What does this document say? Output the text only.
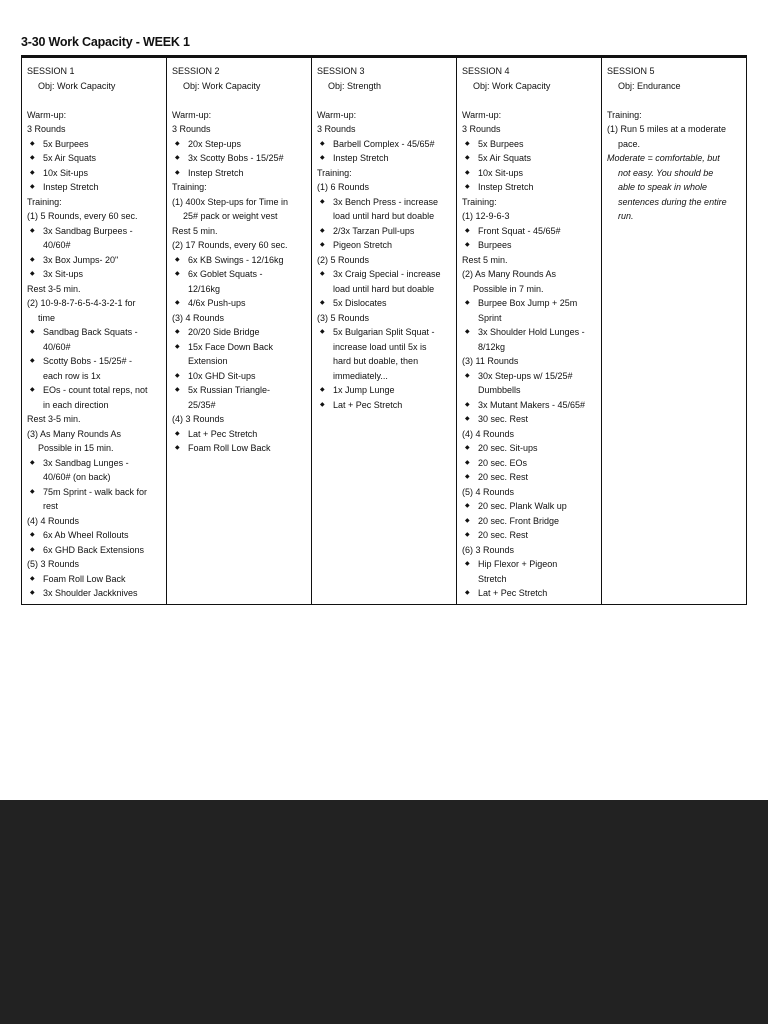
3-30 Work Capacity - WEEK 1
SESSION 1
Obj: Work Capacity
Warm-up:
3 Rounds
◆ 5x Burpees
◆ 5x Air Squats
◆ 10x Sit-ups
◆ Instep Stretch
Training:
(1) 5 Rounds, every 60 sec.
◆ 3x Sandbag Burpees -
40/60#
◆ 3x Box Jumps- 20"
◆ 3x Sit-ups
Rest 3-5 min.
(2) 10-9-8-7-6-5-4-3-2-1 for
time
◆ Sandbag Back Squats -
40/60#
◆ Scotty Bobs - 15/25# -
each row is 1x
◆ EOs - count total reps, not
in each direction
Rest 3-5 min.
(3) As Many Rounds As
Possible in 15 min.
◆ 3x Sandbag Lunges -
40/60# (on back)
◆ 75m Sprint - walk back for
rest
(4) 4 Rounds
◆ 6x Ab Wheel Rollouts
◆ 6x GHD Back Extensions
(5) 3 Rounds
◆ Foam Roll Low Back
◆ 3x Shoulder Jackknives
SESSION 2
Obj: Work Capacity
Warm-up:
3 Rounds
◆ 20x Step-ups
◆ 3x Scotty Bobs - 15/25#
◆ Instep Stretch
Training:
(1) 400x Step-ups for Time in
25# pack or weight vest
Rest 5 min.
(2) 17 Rounds, every 60 sec.
◆ 6x KB Swings - 12/16kg
◆ 6x Goblet Squats -
12/16kg
◆ 4/6x Push-ups
(3) 4 Rounds
◆ 20/20 Side Bridge
◆ 15x Face Down Back
Extension
◆ 10x GHD Sit-ups
◆ 5x Russian Triangle-
25/35#
(4) 3 Rounds
◆ Lat + Pec Stretch
◆ Foam Roll Low Back
SESSION 3
Obj: Strength
Warm-up:
3 Rounds
◆ Barbell Complex - 45/65#
◆ Instep Stretch
Training:
(1) 6 Rounds
◆ 3x Bench Press - increase
load until hard but doable
◆ 2/3x Tarzan Pull-ups
◆ Pigeon Stretch
(2) 5 Rounds
◆ 3x Craig Special - increase
load until hard but doable
◆ 5x Dislocates
(3) 5 Rounds
◆ 5x Bulgarian Split Squat -
increase load until 5x is
hard but doable, then
immediately...
◆ 1x Jump Lunge
◆ Lat + Pec Stretch
SESSION 4
Obj: Work Capacity
Warm-up:
3 Rounds
◆ 5x Burpees
◆ 5x Air Squats
◆ 10x Sit-ups
◆ Instep Stretch
Training:
(1) 12-9-6-3
◆ Front Squat - 45/65#
◆ Burpees
Rest 5 min.
(2) As Many Rounds As
Possible in 7 min.
◆ Burpee Box Jump + 25m
Sprint
◆ 3x Shoulder Hold Lunges -
8/12kg
(3) 11 Rounds
◆ 30x Step-ups w/ 15/25#
Dumbbells
◆ 3x Mutant Makers - 45/65#
◆ 30 sec. Rest
(4) 4 Rounds
◆ 20 sec. Sit-ups
◆ 20 sec. EOs
◆ 20 sec. Rest
(5) 4 Rounds
◆ 20 sec. Plank Walk up
◆ 20 sec. Front Bridge
◆ 20 sec. Rest
(6) 3 Rounds
◆ Hip Flexor + Pigeon
Stretch
◆ Lat + Pec Stretch
SESSION 5
Obj: Endurance
Training:
(1) Run 5 miles at a moderate
pace.
Moderate = comfortable, but
not easy. You should be
able to speak in whole
sentences during the entire
run.
